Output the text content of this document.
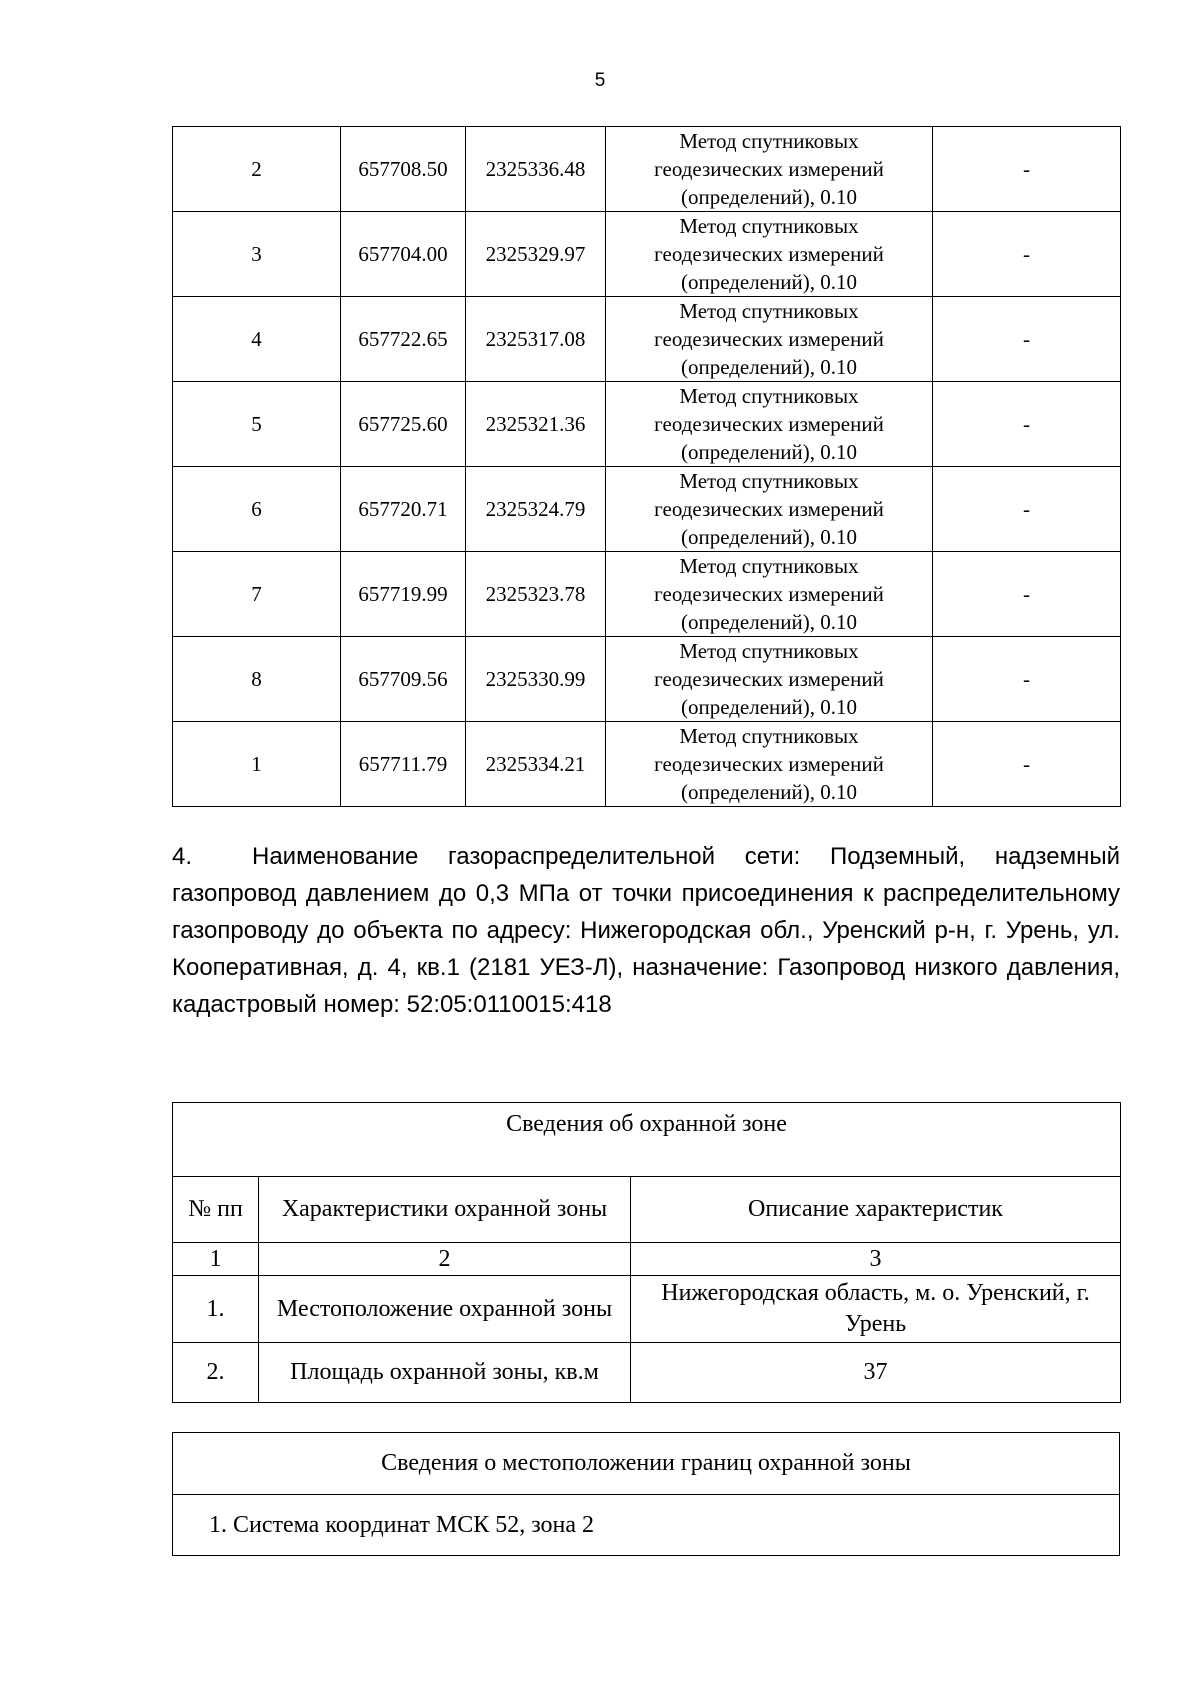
5
2	657708.50	2325336.48	Метод спутниковых
геодезических измерений
(определений), 0.10	-
3	657704.00	2325329.97	Метод спутниковых
геодезических измерений
(определений), 0.10	-
4	657722.65	2325317.08	Метод спутниковых
геодезических измерений
(определений), 0.10	-
5	657725.60	2325321.36	Метод спутниковых
геодезических измерений
(определений), 0.10	-
6	657720.71	2325324.79	Метод спутниковых
геодезических измерений
(определений), 0.10	-
7	657719.99	2325323.78	Метод спутниковых
геодезических измерений
(определений), 0.10	-
8	657709.56	2325330.99	Метод спутниковых
геодезических измерений
(определений), 0.10	-
1	657711.79	2325334.21	Метод спутниковых
геодезических измерений
(определений), 0.10	-
4. Наименование газораспределительной сети: Подземный, надземный газопровод давлением до 0,3 МПа от точки присоединения к распределительному газопроводу до объекта по адресу: Нижегородская обл., Уренский р-н, г. Урень, ул. Кооперативная, д. 4, кв.1 (2181 УЕЗ-Л), назначение: Газопровод низкого давления, кадастровый номер: 52:05:0110015:418
Сведения об охранной зоне		
№ пп	Характеристики охранной зоны	Описание характеристик
1	2	3
1.	Местоположение охранной зоны	Нижегородская область, м. о. Уренский, г. Урень
2.	Площадь охранной зоны, кв.м	37
Сведения о местоположении границ охранной зоны
1. Система координат МСК 52, зона 2
